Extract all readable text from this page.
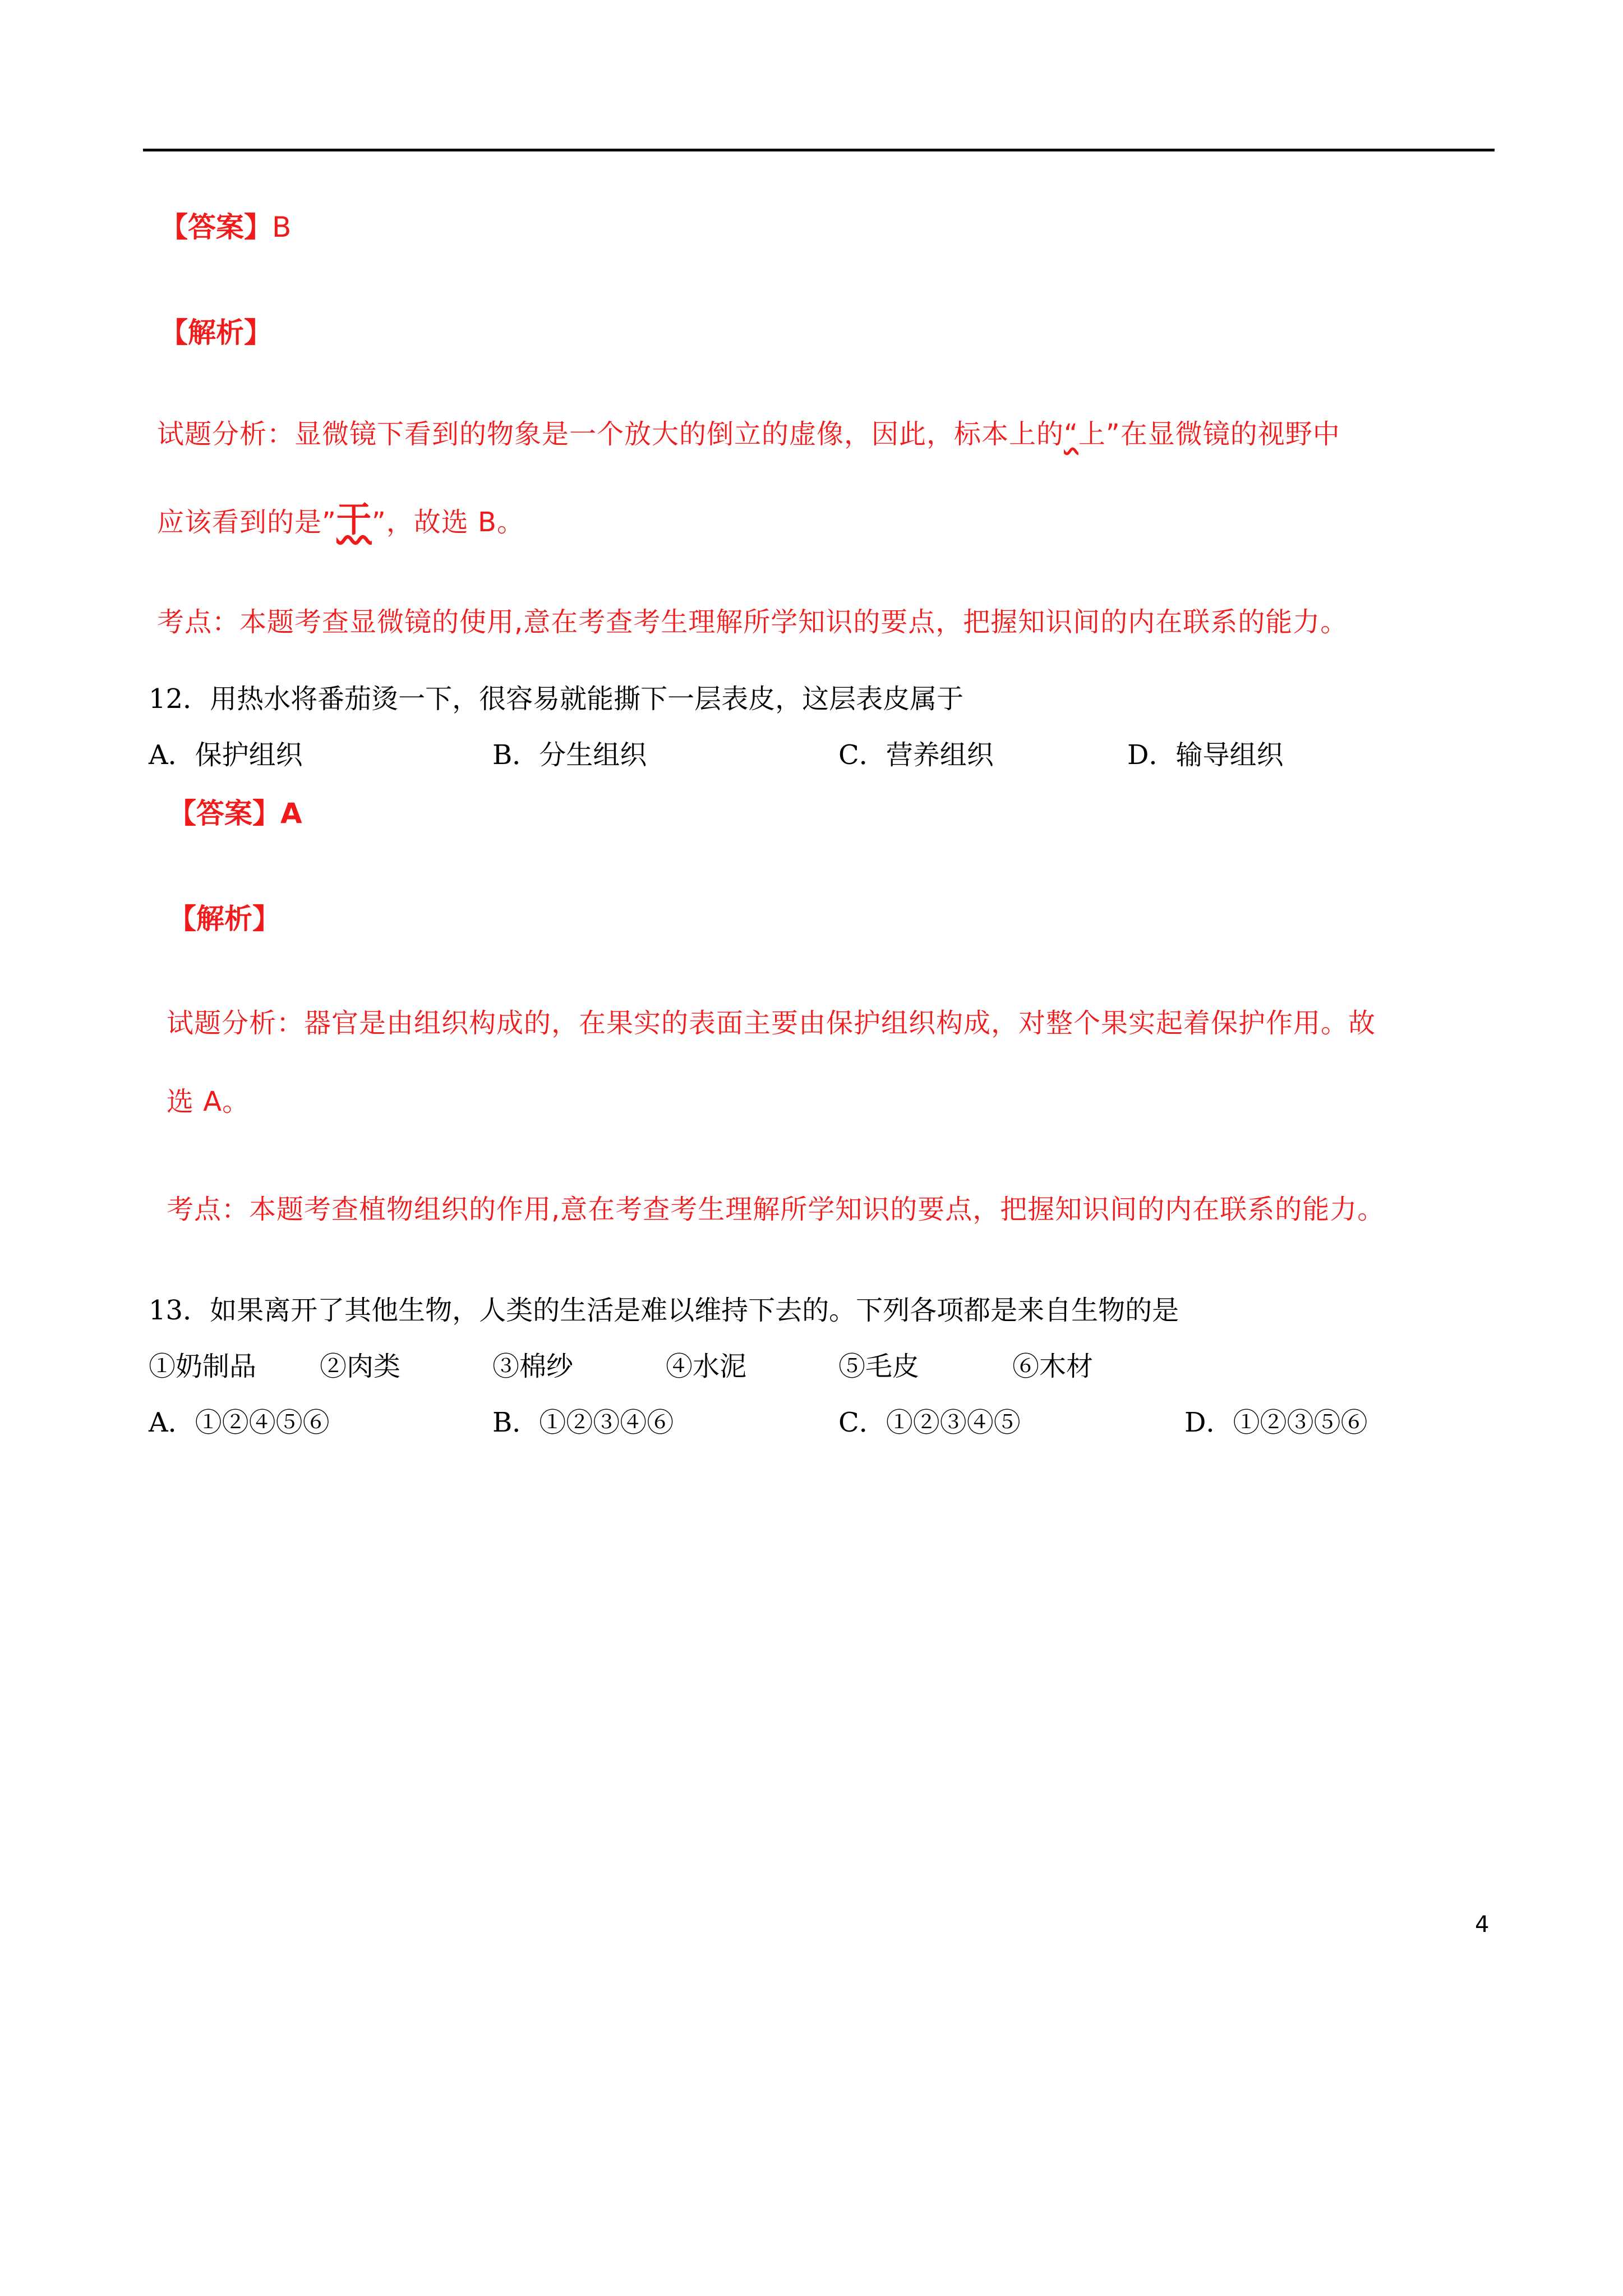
【答案】B
【解析】
试题分析：显微镜下看到的物象是一个放大的倒立的虚像，因此，标本上的“上”在显微镜的视野中
应该看到的是”干”，故选 B。
考点：本题考查显微镜的使用,意在考查考生理解所学知识的要点，把握知识间的内在联系的能力。
12．用热水将番茄烫一下，很容易就能撕下一层表皮，这层表皮属于
A．保护组织	B．分生组织	C．营养组织	D．输导组织
【答案】A
【解析】
试题分析：器官是由组织构成的，在果实的表面主要由保护组织构成，对整个果实起着保护作用。故
选 A。
考点：本题考查植物组织的作用,意在考查考生理解所学知识的要点，把握知识间的内在联系的能力。
13．如果离开了其他生物，人类的生活是难以维持下去的。下列各项都是来自生物的是
①奶制品 ②肉类	③棉纱	④水泥	⑤毛皮	⑥木材
A．①②④⑤⑥	B．①②③④⑥	C．①②③④⑤	D．①②③⑤⑥
4
